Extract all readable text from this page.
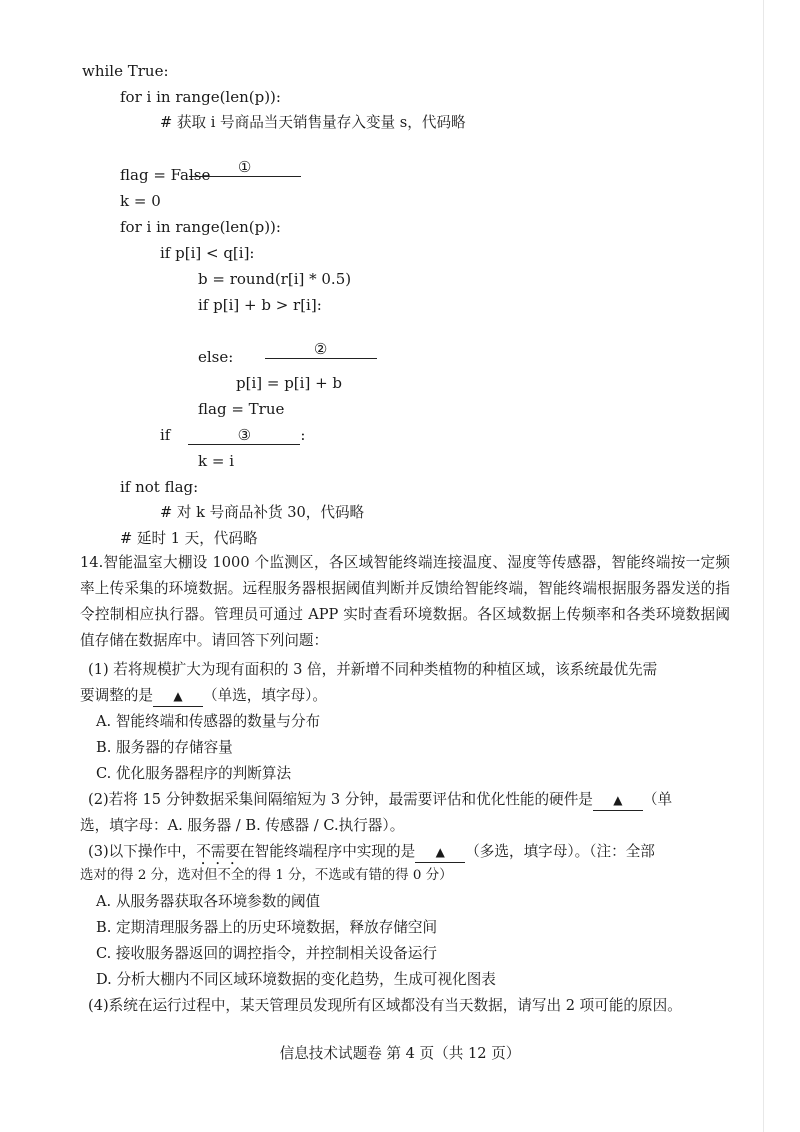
while True:
for i in range(len(p)):
# 获取 i 号商品当天销售量存入变量 s，代码略

①

flag = False
k = 0
for i in range(len(p)):
if p[i] < q[i]:
b = round(r[i] * 0.5)
if p[i] + b > r[i]:

②

else:
p[i] = p[i] + b
flag = True
if	③	:
k = i
if not flag:
# 对 k 号商品补货 30，代码略
# 延时 1 天，代码略
14.智能温室大棚设 1000 个监测区，各区域智能终端连接温度、湿度等传感器，智能终端按一定频率上传采集的环境数据。远程服务器根据阈值判断并反馈给智能终端，智能终端根据服务器发送的指令控制相应执行器。管理员可通过 APP 实时查看环境数据。各区域数据上传频率和各类环境数据阈值存储在数据库中。请回答下列问题：
(1) 若将规模扩大为现有面积的 3 倍，并新增不同种类植物的种植区域，该系统最优先需
要调整的是 ▲ （单选，填字母）。
A. 智能终端和传感器的数量与分布
B. 服务器的存储容量
C. 优化服务器程序的判断算法
(2)若将 15 分钟数据采集间隔缩短为 3 分钟，最需要评估和优化性能的硬件是 ▲ （单
选，填字母：A. 服务器 / B. 传感器 / C.执行器）。
(3)以下操作中，不需要在智能终端程序中实现的是 ▲ （多选，填字母）。（注：全部
选对的得 2 分，选对但不全的得 1 分，不选或有错的得 0 分）
A. 从服务器获取各环境参数的阈值
B. 定期清理服务器上的历史环境数据，释放存储空间
C. 接收服务器返回的调控指令，并控制相关设备运行
D. 分析大棚内不同区域环境数据的变化趋势，生成可视化图表
(4)系统在运行过程中，某天管理员发现所有区域都没有当天数据，请写出 2 项可能的原因。
信息技术试题卷 第 4 页（共 12 页）
